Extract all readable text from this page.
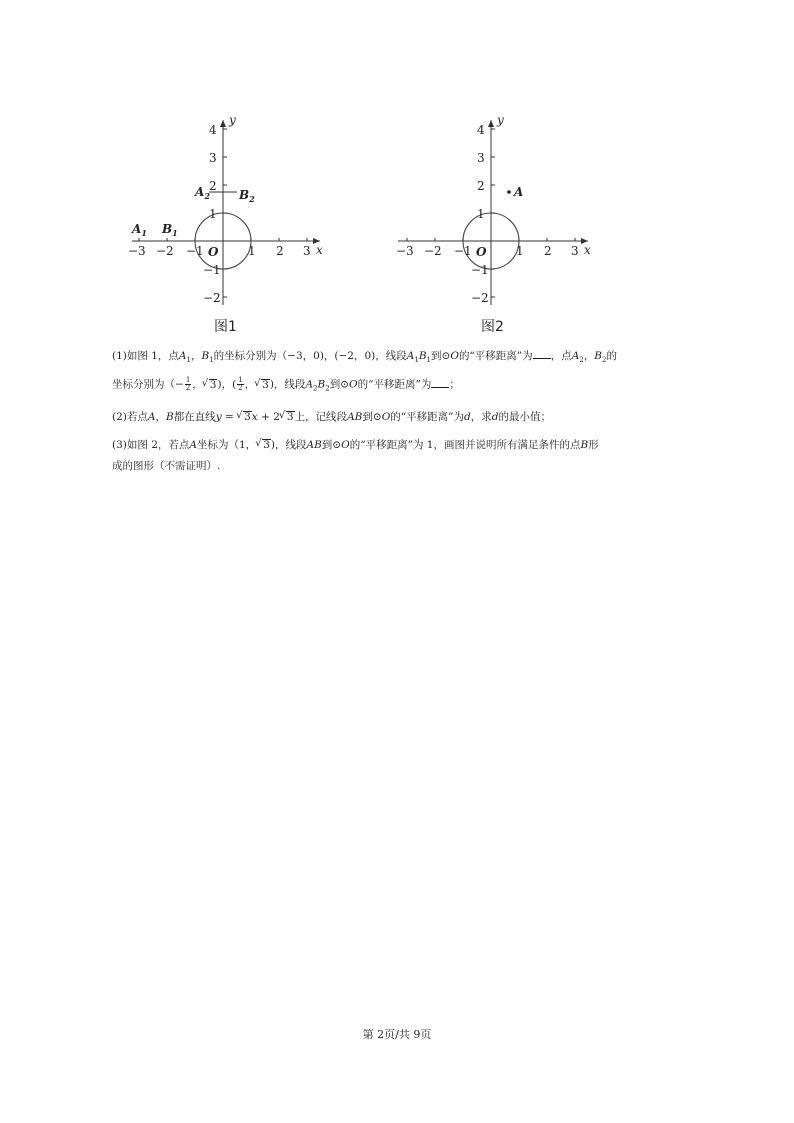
−3 −2 −1	1 2 3
4
3
2
1
−1
−2
x
y
O
$A_1$ $B_1$
$A_2$ $B_2$
图1
−3 −2 −1	1 2 3
4
3
2
1
−1
−2
x
y
O
A
图2
(1)如图 1，点$A_1$，$B_1$的坐标分别为（−3，0)，(−2，0)，线段$A_1B_1$到⊙O的“平移距离”为 ，点$A_2$，$B_2$的
坐标分别为（− $\frac{1}{2}$ ， √ 3)，( $\frac{1}{2}$ ， √ 3)，线段$A_2B_2$到⊙O的“平移距离”为 ；
(2)若点A，B都在直线y = √ 3x + 2 √ 3上，记线段AB到⊙O的“平移距离”为d，求d的最小值；
(3)如图 2，若点A坐标为（1， √ 3)，线段AB到⊙O的“平移距离”为 1，画图并说明所有满足条件的点B形
成的图形（不需证明）.
第 2页/共 9页
